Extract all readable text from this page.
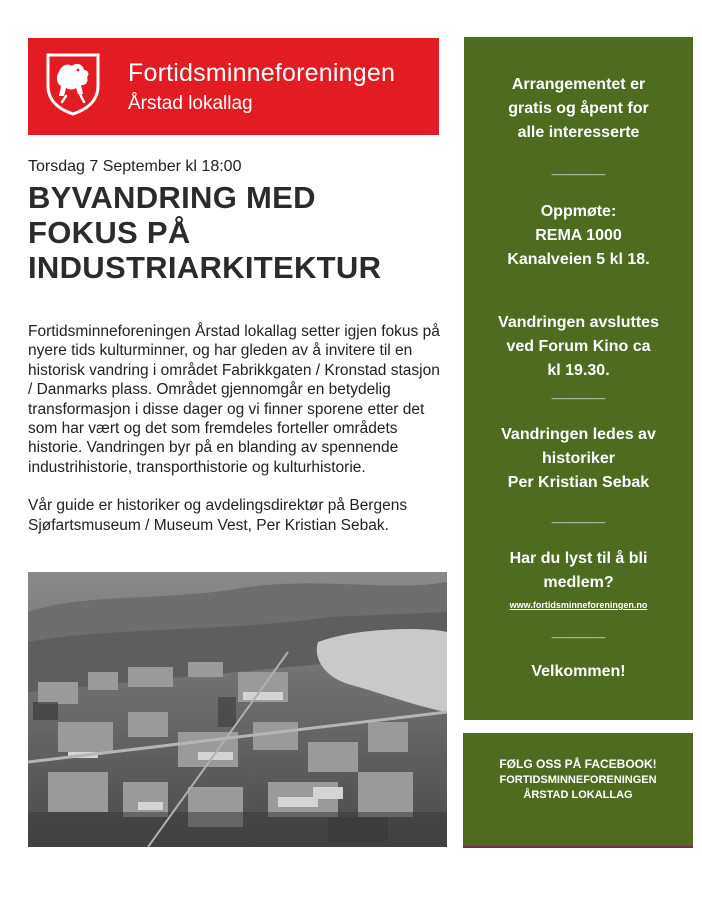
Fortidsminneforeningen
Årstad lokallag
Torsdag 7 September kl 18:00
BYVANDRING MED
FOKUS PÅ
INDUSTRIARKITEKTUR

Fortidsminneforeningen Årstad lokallag setter igjen fokus på nyere tids kulturminner, og har gleden av å invitere til en historisk vandring i området Fabrikkgaten / Kronstad stasjon / Danmarks plass. Området gjennomgår en betydelig transformasjon i disse dager og vi finner sporene etter det som har vært og det som fremdeles forteller områdets historie. Vandringen byr på en blanding av spennende industrihistorie, transporthistorie og kulturhistorie.

Vår guide er historiker og avdelingsdirektør på Bergens Sjøfartsmuseum / Museum Vest, Per Kristian Sebak.

Arrangementet er
gratis og åpent for
alle interesserte
______
Oppmøte:
REMA 1000
Kanalveien 5 kl 18.
Vandringen avsluttes
ved Forum Kino ca
kl 19.30.
______
Vandringen ledes av
historiker
Per Kristian Sebak
______
Har du lyst til å bli
medlem?
www.fortidsminneforeningen.no
______
Velkommen!
FØLG OSS PÅ FACEBOOK!
FORTIDSMINNEFORENINGEN
ÅRSTAD LOKALLAG
